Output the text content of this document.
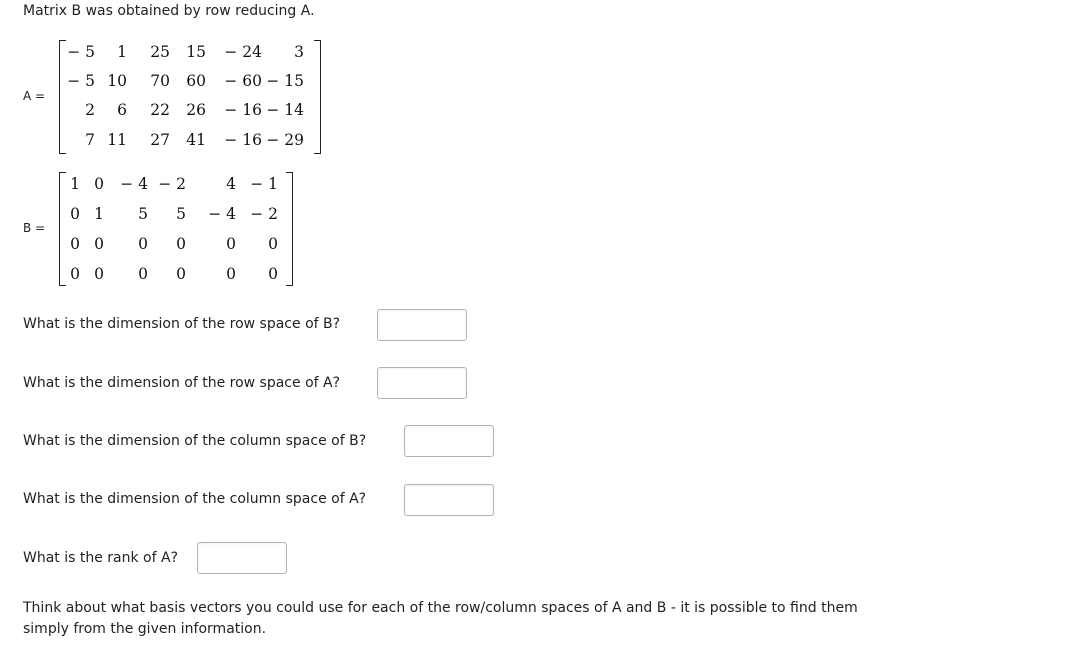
Matrix B was obtained by row reducing A.
A =
− 5 1 25 15 − 24 3
− 5 10 70 60 − 60 − 15
2 6 22 26 − 16 − 14
7 11 27 41 − 16 − 29
B =
1 0 − 4 − 2	4 − 1
0 1 5 5 − 4 − 2
0 0 0 0	0 0
0 0 0 0	0 0
What is the dimension of the row space of B?
What is the dimension of the row space of A?
What is the dimension of the column space of B?
What is the dimension of the column space of A?
What is the rank of A?
Think about what basis vectors you could use for each of the row/column spaces of A and B - it is possible to find them simply from the given information.
